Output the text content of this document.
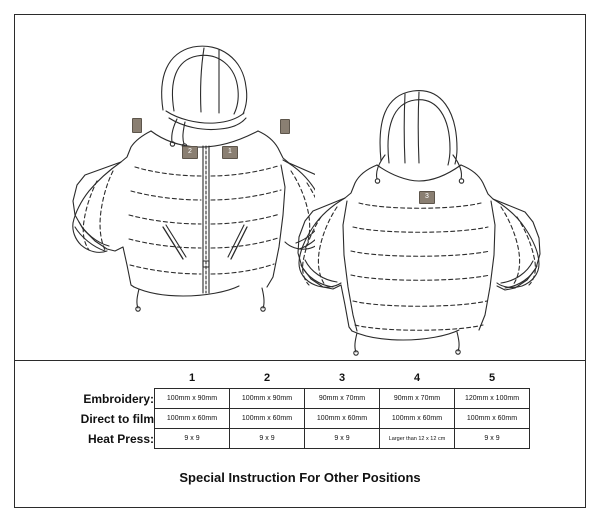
1
2
3
	1	2	3	4	5
Embroidery:	100mm x 90mm	100mm x 90mm	90mm x 70mm	90mm x 70mm	120mm x 100mm
Direct to film	100mm x 60mm	100mm x 60mm	100mm x 60mm	100mm x 60mm	100mm x 60mm
Heat Press:	9 x 9	9 x 9	9 x 9	Larger than 12 x 12 cm	9 x 9
Special Instruction For Other Positions
